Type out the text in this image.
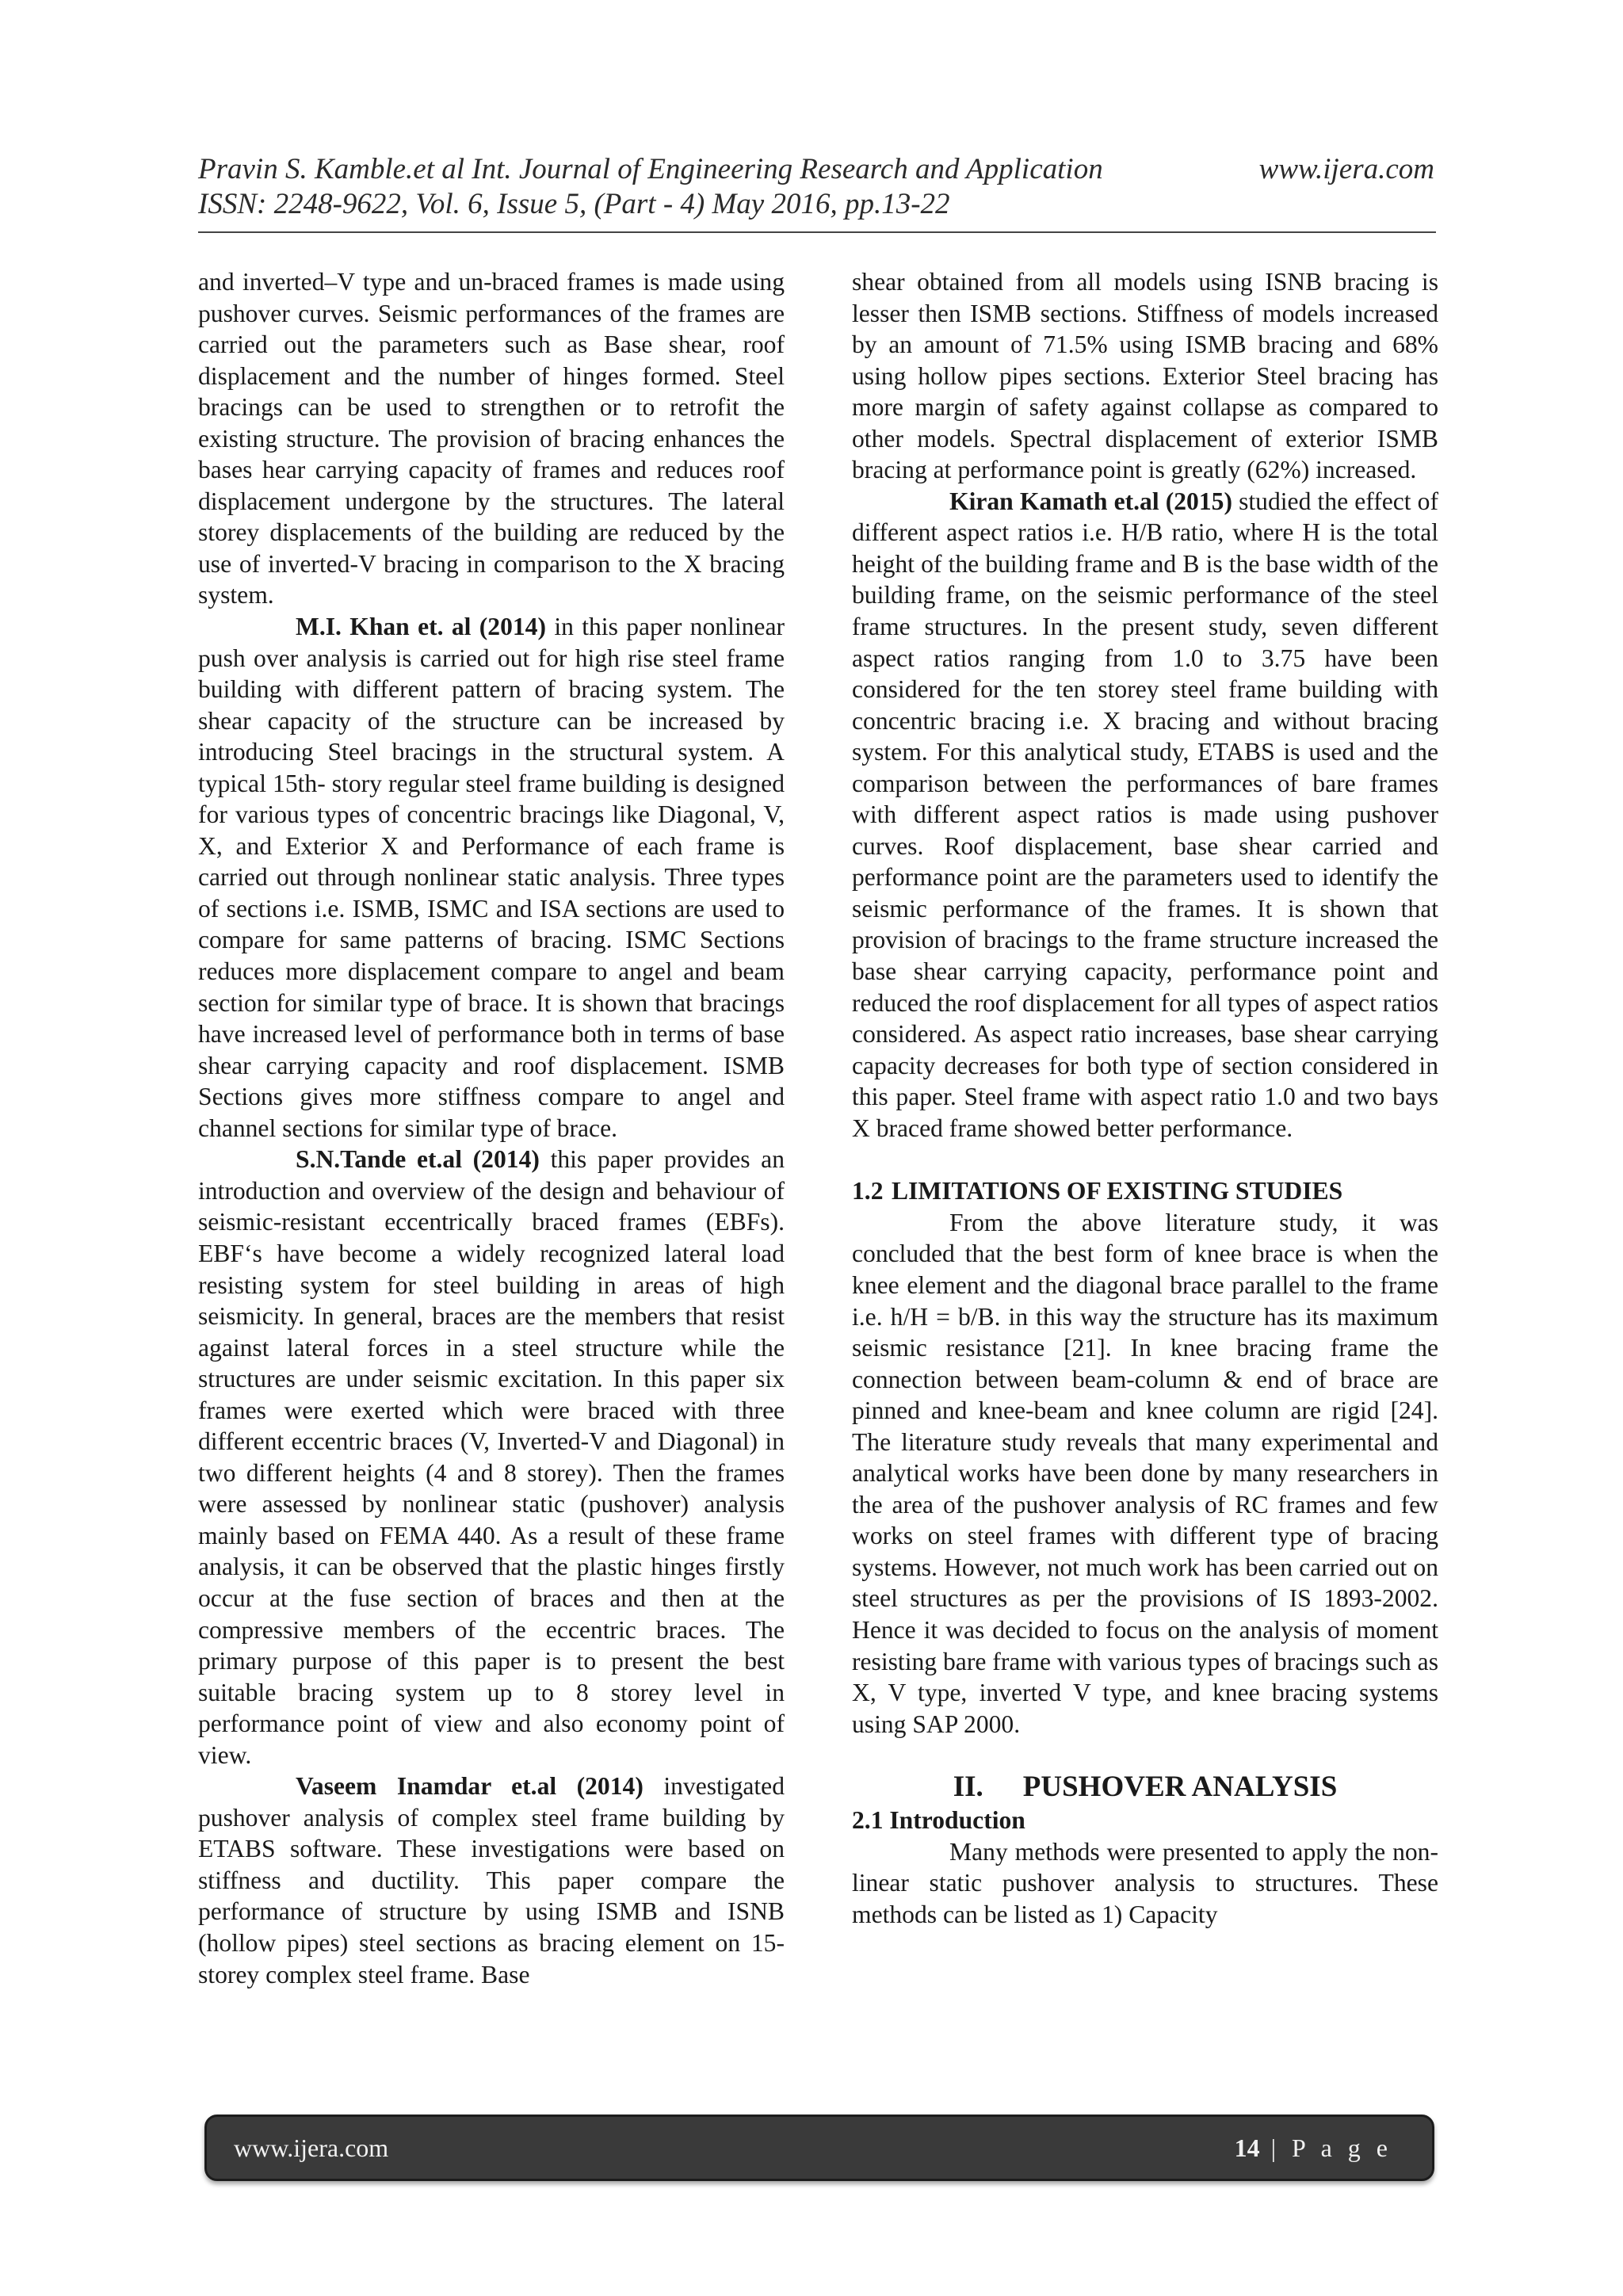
Pravin S. Kamble.et al Int. Journal of Engineering Research and Application	www.ijera.com
ISSN: 2248-9622, Vol. 6, Issue 5, (Part - 4) May 2016, pp.13-22

and inverted–V type and un-braced frames is made using pushover curves. Seismic performances of the frames are carried out the parameters such as Base shear, roof displacement and the number of hinges formed. Steel bracings can be used to strengthen or to retrofit the existing structure. The provision of bracing enhances the bases hear carrying capacity of frames and reduces roof displacement undergone by the structures. The lateral storey displacements of the building are reduced by the use of inverted-V bracing in comparison to the X bracing system.

M.I. Khan et. al (2014) in this paper nonlinear push over analysis is carried out for high rise steel frame building with different pattern of bracing system. The shear capacity of the structure can be increased by introducing Steel bracings in the structural system. A typical 15th- story regular steel frame building is designed for various types of concentric bracings like Diagonal, V, X, and Exterior X and Performance of each frame is carried out through nonlinear static analysis. Three types of sections i.e. ISMB, ISMC and ISA sections are used to compare for same patterns of bracing. ISMC Sections reduces more displacement compare to angel and beam section for similar type of brace. It is shown that bracings have increased level of performance both in terms of base shear carrying capacity and roof displacement. ISMB Sections gives more stiffness compare to angel and channel sections for similar type of brace.

S.N.Tande et.al (2014) this paper provides an introduction and overview of the design and behaviour of seismic-resistant eccentrically braced frames (EBFs). EBF‘s have become a widely recognized lateral load resisting system for steel building in areas of high seismicity. In general, braces are the members that resist against lateral forces in a steel structure while the structures are under seismic excitation. In this paper six frames were exerted which were braced with three different eccentric braces (V, Inverted-V and Diagonal) in two different heights (4 and 8 storey). Then the frames were assessed by nonlinear static (pushover) analysis mainly based on FEMA 440. As a result of these frame analysis, it can be observed that the plastic hinges firstly occur at the fuse section of braces and then at the compressive members of the eccentric braces. The primary purpose of this paper is to present the best suitable bracing system up to 8 storey level in performance point of view and also economy point of view.

Vaseem Inamdar et.al (2014) investigated pushover analysis of complex steel frame building by ETABS software. These investigations were based on stiffness and ductility. This paper compare the performance of structure by using ISMB and ISNB (hollow pipes) steel sections as bracing element on 15-storey complex steel frame. Base

shear obtained from all models using ISNB bracing is lesser then ISMB sections. Stiffness of models increased by an amount of 71.5% using ISMB bracing and 68% using hollow pipes sections. Exterior Steel bracing has more margin of safety against collapse as compared to other models. Spectral displacement of exterior ISMB bracing at performance point is greatly (62%) increased.

Kiran Kamath et.al (2015) studied the effect of different aspect ratios i.e. H/B ratio, where H is the total height of the building frame and B is the base width of the building frame, on the seismic performance of the steel frame structures. In the present study, seven different aspect ratios ranging from 1.0 to 3.75 have been considered for the ten storey steel frame building with concentric bracing i.e. X bracing and without bracing system. For this analytical study, ETABS is used and the comparison between the performances of bare frames with different aspect ratios is made using pushover curves. Roof displacement, base shear carried and performance point are the parameters used to identify the seismic performance of the frames. It is shown that provision of bracings to the frame structure increased the base shear carrying capacity, performance point and reduced the roof displacement for all types of aspect ratios considered. As aspect ratio increases, base shear carrying capacity decreases for both type of section considered in this paper. Steel frame with aspect ratio 1.0 and two bays X braced frame showed better performance.

1.2 LIMITATIONS OF EXISTING STUDIES

From the above literature study, it was concluded that the best form of knee brace is when the knee element and the diagonal brace parallel to the frame i.e. h/H = b/B. in this way the structure has its maximum seismic resistance [21]. In knee bracing frame the connection between beam-column & end of brace are pinned and knee-beam and knee column are rigid [24]. The literature study reveals that many experimental and analytical works have been done by many researchers in the area of the pushover analysis of RC frames and few works on steel frames with different type of bracing systems. However, not much work has been carried out on steel structures as per the provisions of IS 1893-2002. Hence it was decided to focus on the analysis of moment resisting bare frame with various types of bracings such as X, V type, inverted V type, and knee bracing systems using SAP 2000.

II. PUSHOVER ANALYSIS

2.1 Introduction

Many methods were presented to apply the non-linear static pushover analysis to structures. These methods can be listed as 1) Capacity

www.ijera.com	14 | P a g e
